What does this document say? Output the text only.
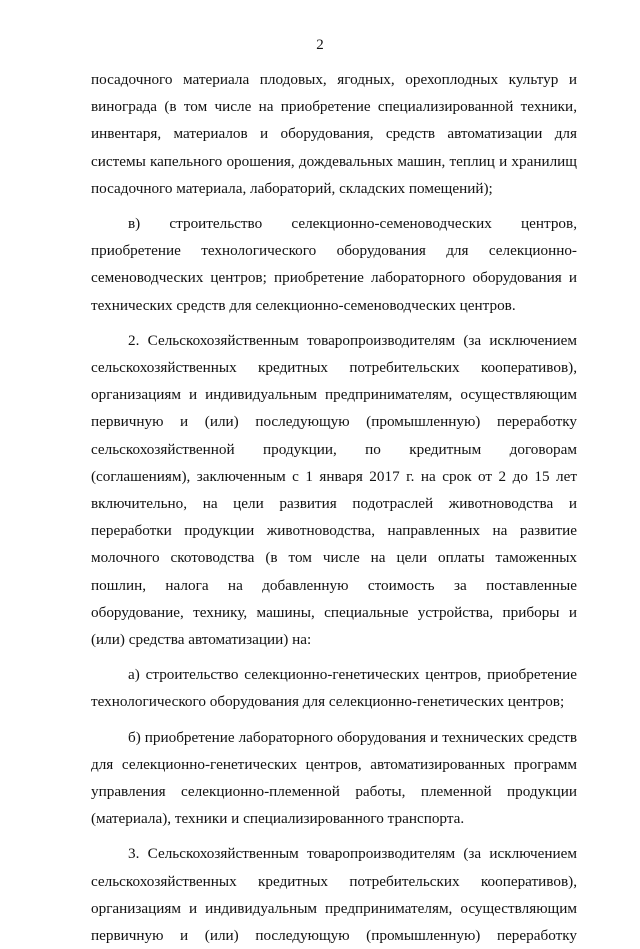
2

посадочного материала плодовых, ягодных, орехоплодных культур и винограда (в том числе на приобретение специализированной техники, инвентаря, материалов и оборудования, средств автоматизации для системы капельного орошения, дождевальных машин, теплиц и хранилищ посадочного материала, лабораторий, складских помещений);

в) строительство селекционно-семеноводческих центров, приобретение технологического оборудования для селекционно-семеноводческих центров; приобретение лабораторного оборудования и технических средств для селекционно-семеноводческих центров.

2. Сельскохозяйственным товаропроизводителям (за исключением сельскохозяйственных кредитных потребительских кооперативов), организациям и индивидуальным предпринимателям, осуществляющим первичную и (или) последующую (промышленную) переработку сельскохозяйственной продукции, по кредитным договорам (соглашениям), заключенным с 1 января 2017 г. на срок от 2 до 15 лет включительно, на цели развития подотраслей животноводства и переработки продукции животноводства, направленных на развитие молочного скотоводства (в том числе на цели оплаты таможенных пошлин, налога на добавленную стоимость за поставленные оборудование, технику, машины, специальные устройства, приборы и (или) средства автоматизации) на:

а) строительство селекционно-генетических центров, приобретение технологического оборудования для селекционно-генетических центров;

б) приобретение лабораторного оборудования и технических средств для селекционно-генетических центров, автоматизированных программ управления селекционно-племенной работы, племенной продукции (материала), техники и специализированного транспорта.

3. Сельскохозяйственным товаропроизводителям (за исключением сельскохозяйственных кредитных потребительских кооперативов), организациям и индивидуальным предпринимателям, осуществляющим первичную и (или) последующую (промышленную) переработку
